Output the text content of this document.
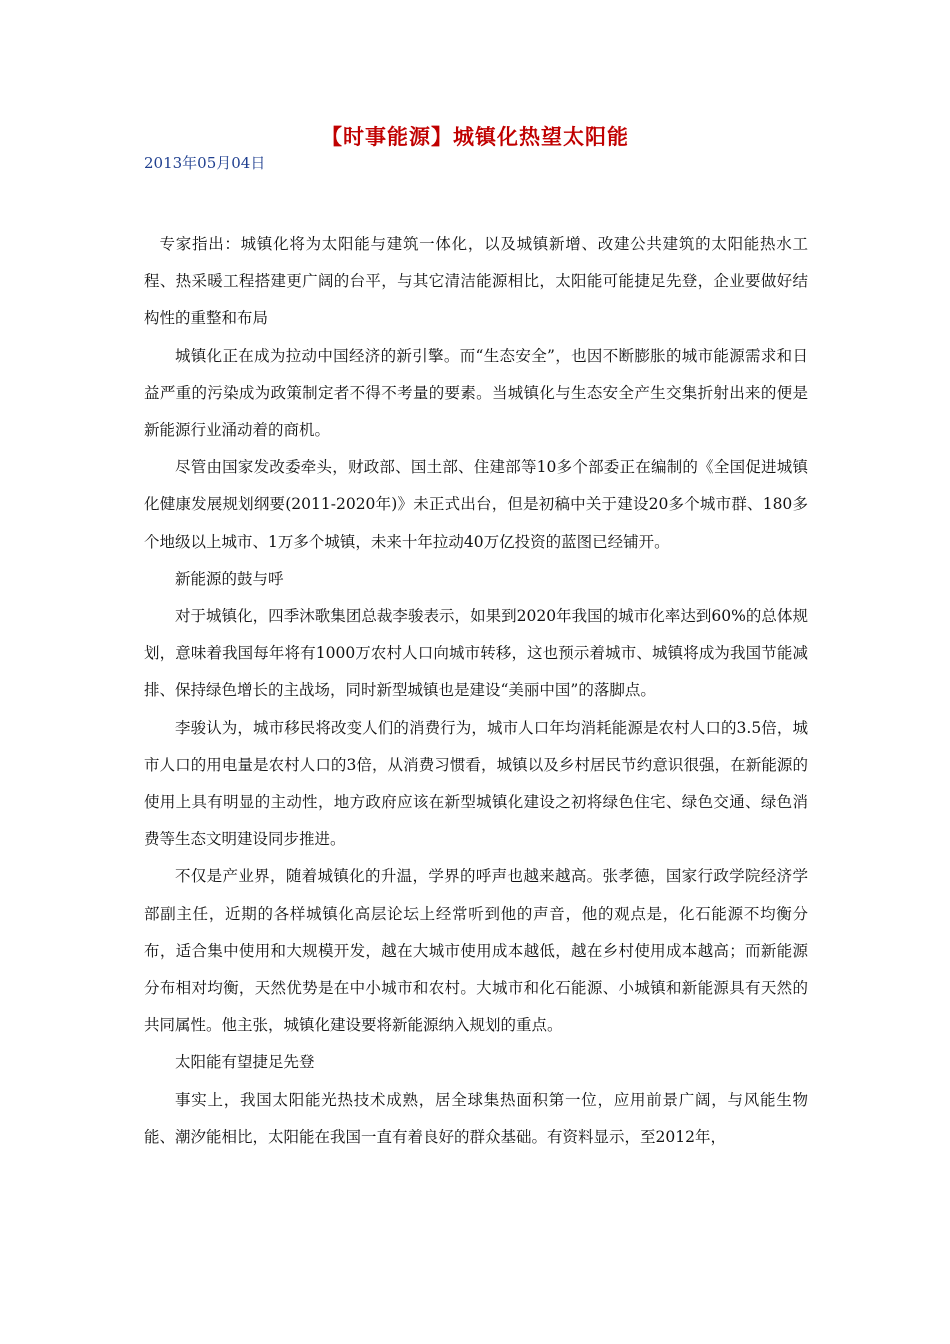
【时事能源】城镇化热望太阳能
2013年05月04日

专家指出：城镇化将为太阳能与建筑一体化，以及城镇新增、改建公共建筑的太阳能热水工程、热采暖工程搭建更广阔的台平，与其它清洁能源相比，太阳能可能捷足先登，企业要做好结构性的重整和布局

城镇化正在成为拉动中国经济的新引擎。而“生态安全”，也因不断膨胀的城市能源需求和日益严重的污染成为政策制定者不得不考量的要素。当城镇化与生态安全产生交集折射出来的便是新能源行业涌动着的商机。

尽管由国家发改委牵头，财政部、国土部、住建部等10多个部委正在编制的《全国促进城镇化健康发展规划纲要(2011-2020年)》未正式出台，但是初稿中关于建设20多个城市群、180多个地级以上城市、1万多个城镇，未来十年拉动40万亿投资的蓝图已经铺开。

新能源的鼓与呼

对于城镇化，四季沐歌集团总裁李骏表示，如果到2020年我国的城市化率达到60%的总体规划，意味着我国每年将有1000万农村人口向城市转移，这也预示着城市、城镇将成为我国节能减排、保持绿色增长的主战场，同时新型城镇也是建设“美丽中国”的落脚点。

李骏认为，城市移民将改变人们的消费行为，城市人口年均消耗能源是农村人口的3.5倍，城市人口的用电量是农村人口的3倍，从消费习惯看，城镇以及乡村居民节约意识很强，在新能源的使用上具有明显的主动性，地方政府应该在新型城镇化建设之初将绿色住宅、绿色交通、绿色消费等生态文明建设同步推进。

不仅是产业界，随着城镇化的升温，学界的呼声也越来越高。张孝德，国家行政学院经济学部副主任，近期的各样城镇化高层论坛上经常听到他的声音，他的观点是，化石能源不均衡分布，适合集中使用和大规模开发，越在大城市使用成本越低，越在乡村使用成本越高；而新能源分布相对均衡，天然优势是在中小城市和农村。大城市和化石能源、小城镇和新能源具有天然的共同属性。他主张，城镇化建设要将新能源纳入规划的重点。

太阳能有望捷足先登

事实上，我国太阳能光热技术成熟，居全球集热面积第一位，应用前景广阔，与风能生物能、潮汐能相比，太阳能在我国一直有着良好的群众基础。有资料显示，至2012年，
